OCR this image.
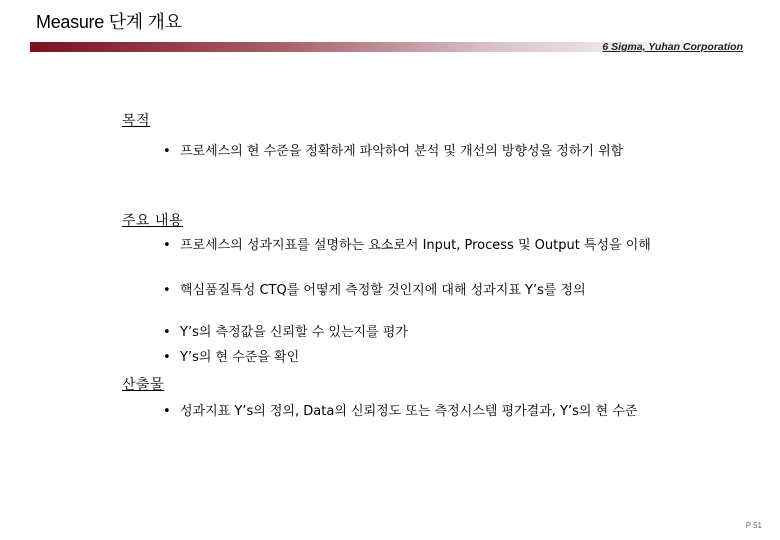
Measure 단계 개요
6 Sigma, Yuhan Corporation
목적
• 프로세스의 현 수준을 정확하게 파악하여 분석 및 개선의 방향성을 정하기 위함
주요 내용
• 프로세스의 성과지표를 설명하는 요소로서 Input, Process 및 Output 특성을 이해
• 핵심품질특성 CTQ를 어떻게 측정할 것인지에 대해 성과지표 Y’s를 정의
• Y’s의 측정값을 신뢰할 수 있는지를 평가
• Y’s의 현 수준을 확인
산출물
• 성과지표 Y’s의 정의, Data의 신뢰정도 또는 측정시스템 평가결과, Y’s의 현 수준
P 51
